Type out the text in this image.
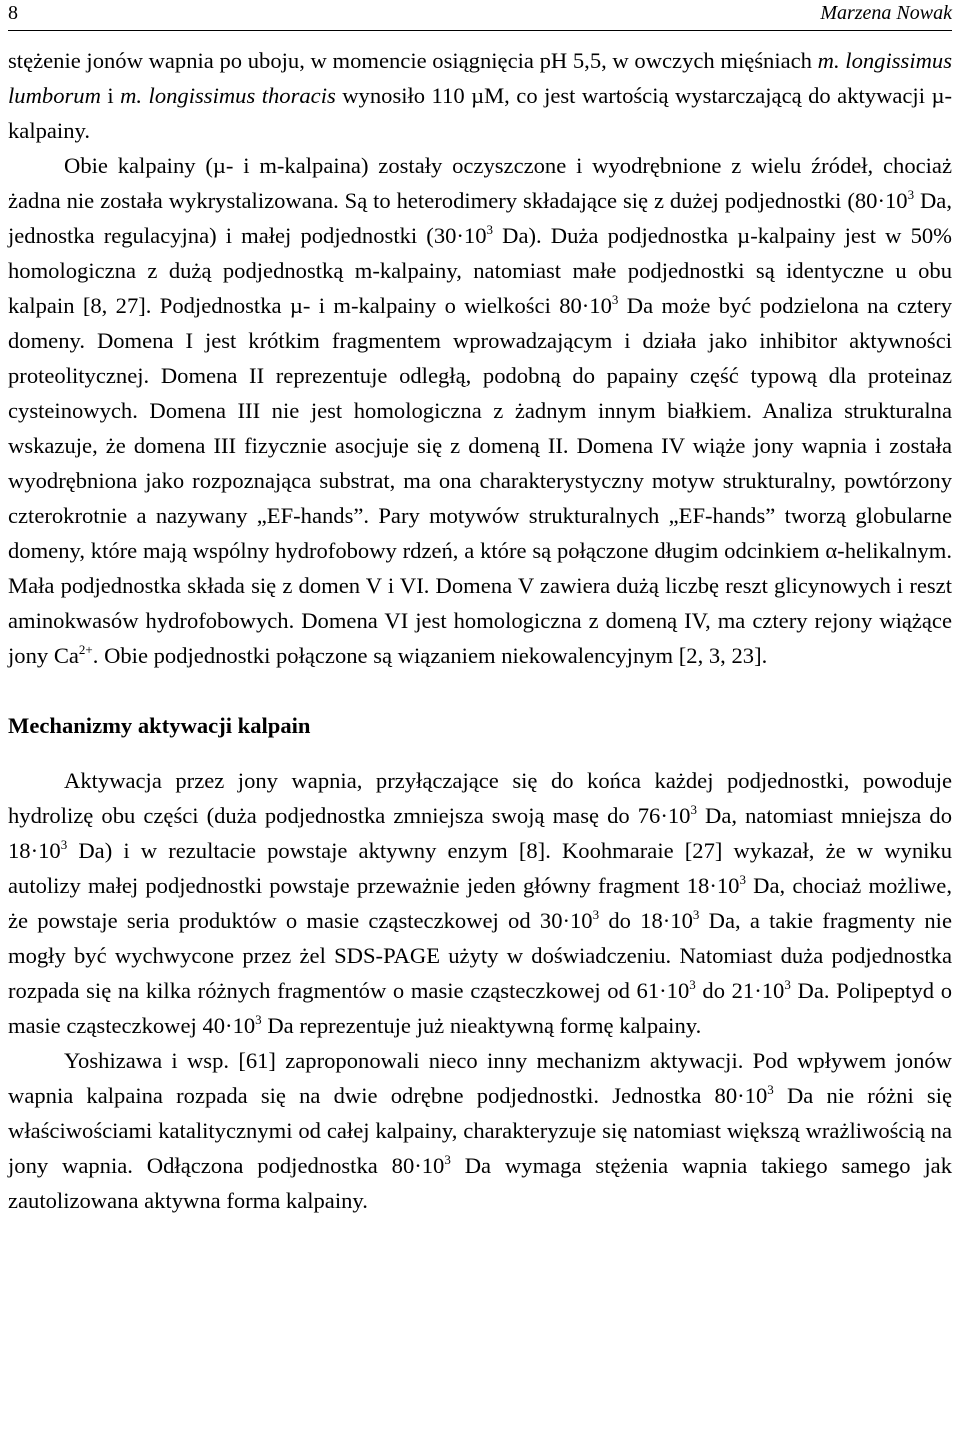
8	Marzena Nowak

stężenie jonów wapnia po uboju, w momencie osiągnięcia pH 5,5, w owczych mięśniach m. longissimus lumborum i m. longissimus thoracis wynosiło 110 µM, co jest wartością wystarczającą do aktywacji µ-kalpainy.

Obie kalpainy (µ- i m-kalpaina) zostały oczyszczone i wyodrębnione z wielu źródeł, chociaż żadna nie została wykrystalizowana. Są to heterodimery składające się z dużej podjednostki ($80\cdot 10^3$ Da, jednostka regulacyjna) i małej podjednostki ($30\cdot 10^3$ Da). Duża podjednostka µ-kalpainy jest w 50% homologiczna z dużą podjednostką m-kalpainy, natomiast małe podjednostki są identyczne u obu kalpain [8, 27]. Podjednostka µ- i m-kalpainy o wielkości $80\cdot 10^3$ Da może być podzielona na cztery domeny. Domena I jest krótkim fragmentem wprowadzającym i działa jako inhibitor aktywności proteolitycznej. Domena II reprezentuje odległą, podobną do papainy część typową dla proteinaz cysteinowych. Domena III nie jest homologiczna z żadnym innym białkiem. Analiza strukturalna wskazuje, że domena III fizycznie asocjuje się z domeną II. Domena IV wiąże jony wapnia i została wyodrębniona jako rozpoznająca substrat, ma ona charakterystyczny motyw strukturalny, powtórzony czterokrotnie a nazywany „EF-hands”. Pary motywów strukturalnych „EF-hands” tworzą globularne domeny, które mają wspólny hydrofobowy rdzeń, a które są połączone długim odcinkiem α-helikalnym. Mała podjednostka składa się z domen V i VI. Domena V zawiera dużą liczbę reszt glicynowych i reszt aminokwasów hydrofobowych. Domena VI jest homologiczna z domeną IV, ma cztery rejony wiążące jony $Ca^{2+}$. Obie podjednostki połączone są wiązaniem niekowalencyjnym [2, 3, 23].

Mechanizmy aktywacji kalpain

Aktywacja przez jony wapnia, przyłączające się do końca każdej podjednostki, powoduje hydrolizę obu części (duża podjednostka zmniejsza swoją masę do $76\cdot 10^3$ Da, natomiast mniejsza do $18\cdot 10^3$ Da) i w rezultacie powstaje aktywny enzym [8]. Koohmaraie [27] wykazał, że w wyniku autolizy małej podjednostki powstaje przeważnie jeden główny fragment $18\cdot 10^3$ Da, chociaż możliwe, że powstaje seria produktów o masie cząsteczkowej od $30\cdot 10^3$ do $18\cdot 10^3$ Da, a takie fragmenty nie mogły być wychwycone przez żel SDS-PAGE użyty w doświadczeniu. Natomiast duża podjednostka rozpada się na kilka różnych fragmentów o masie cząsteczkowej od $61\cdot 10^3$ do $21\cdot 10^3$ Da. Polipeptyd o masie cząsteczkowej $40\cdot 10^3$ Da reprezentuje już nieaktywną formę kalpainy.

Yoshizawa i wsp. [61] zaproponowali nieco inny mechanizm aktywacji. Pod wpływem jonów wapnia kalpaina rozpada się na dwie odrębne podjednostki. Jednostka $80\cdot 10^3$ Da nie różni się właściwościami katalitycznymi od całej kalpainy, charakteryzuje się natomiast większą wrażliwością na jony wapnia. Odłączona podjednostka $80\cdot 10^3$ Da wymaga stężenia wapnia takiego samego jak zautolizowana aktywna forma kalpainy.
